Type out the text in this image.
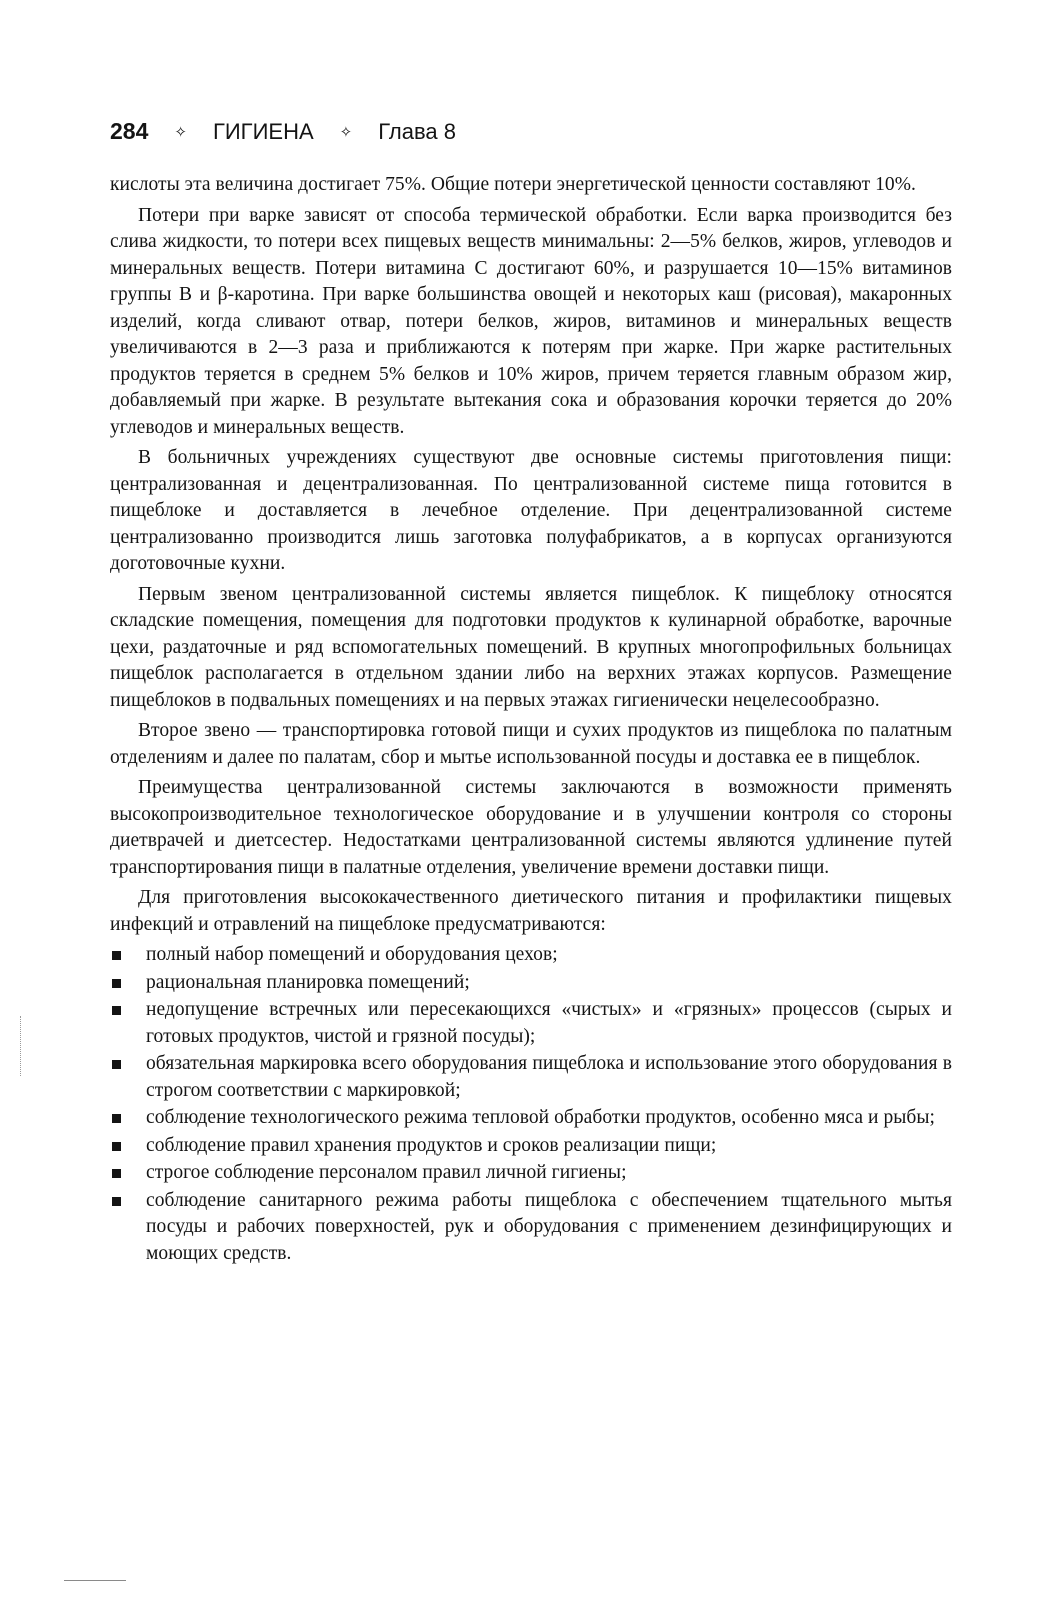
284 ✧ ГИГИЕНА ✧ Глава 8

кислоты эта величина достигает 75%. Общие потери энергетической ценности составляют 10%.

Потери при варке зависят от способа термической обработки. Если варка производится без слива жидкости, то потери всех пищевых веществ минимальны: 2—5% белков, жиров, углеводов и минеральных веществ. Потери витамина С достигают 60%, и разрушается 10—15% витаминов группы В и β-каротина. При варке большинства овощей и некоторых каш (рисовая), макаронных изделий, когда сливают отвар, потери белков, жиров, витаминов и минеральных веществ увеличиваются в 2—3 раза и приближаются к потерям при жарке. При жарке растительных продуктов теряется в среднем 5% белков и 10% жиров, причем теряется главным образом жир, добавляемый при жарке. В результате вытекания сока и образования корочки теряется до 20% углеводов и минеральных веществ.

В больничных учреждениях существуют две основные системы приготовления пищи: централизованная и децентрализованная. По централизованной системе пища готовится в пищеблоке и доставляется в лечебное отделение. При децентрализованной системе централизованно производится лишь заготовка полуфабрикатов, а в корпусах организуются доготовочные кухни.

Первым звеном централизованной системы является пищеблок. К пищеблоку относятся складские помещения, помещения для подготовки продуктов к кулинарной обработке, варочные цехи, раздаточные и ряд вспомогательных помещений. В крупных многопрофильных больницах пищеблок располагается в отдельном здании либо на верхних этажах корпусов. Размещение пищеблоков в подвальных помещениях и на первых этажах гигиенически нецелесообразно.

Второе звено — транспортировка готовой пищи и сухих продуктов из пищеблока по палатным отделениям и далее по палатам, сбор и мытье использованной посуды и доставка ее в пищеблок.

Преимущества централизованной системы заключаются в возможности применять высокопроизводительное технологическое оборудование и в улучшении контроля со стороны диетврачей и диетсестер. Недостатками централизованной системы являются удлинение путей транспортирования пищи в палатные отделения, увеличение времени доставки пищи.

Для приготовления высококачественного диетического питания и профилактики пищевых инфекций и отравлений на пищеблоке предусматриваются:

полный набор помещений и оборудования цехов;
рациональная планировка помещений;
недопущение встречных или пересекающихся «чистых» и «грязных» процессов (сырых и готовых продуктов, чистой и грязной посуды);
обязательная маркировка всего оборудования пищеблока и использование этого оборудования в строгом соответствии с маркировкой;
соблюдение технологического режима тепловой обработки продуктов, особенно мяса и рыбы;
соблюдение правил хранения продуктов и сроков реализации пищи;
строгое соблюдение персоналом правил личной гигиены;
соблюдение санитарного режима работы пищеблока с обеспечением тщательного мытья посуды и рабочих поверхностей, рук и оборудования с применением дезинфицирующих и моющих средств.
